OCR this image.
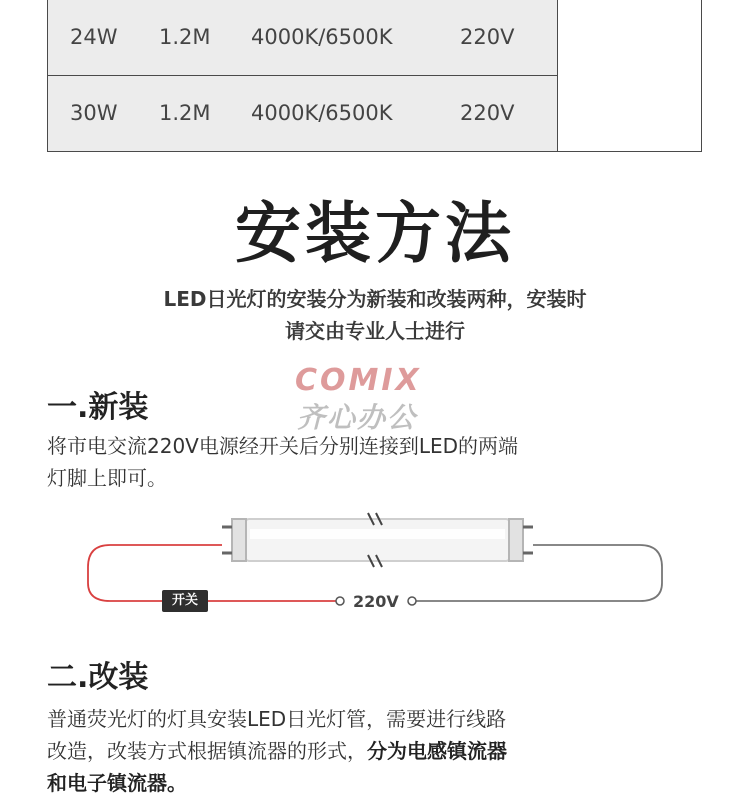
24W 1.2M 4000K/6500K	220V
30W 1.2M 4000K/6500K	220V
安装方法
LED日光灯的安装分为新装和改装两种，安装时
请交由专业人士进行
COMIX
齐心办公
一.新装
将市电交流220V电源经开关后分别连接到LED的两端
灯脚上即可。
开关	220V
二.改装
普通荧光灯的灯具安装LED日光灯管，需要进行线路
改造，改装方式根据镇流器的形式，分为电感镇流器
和电子镇流器。
